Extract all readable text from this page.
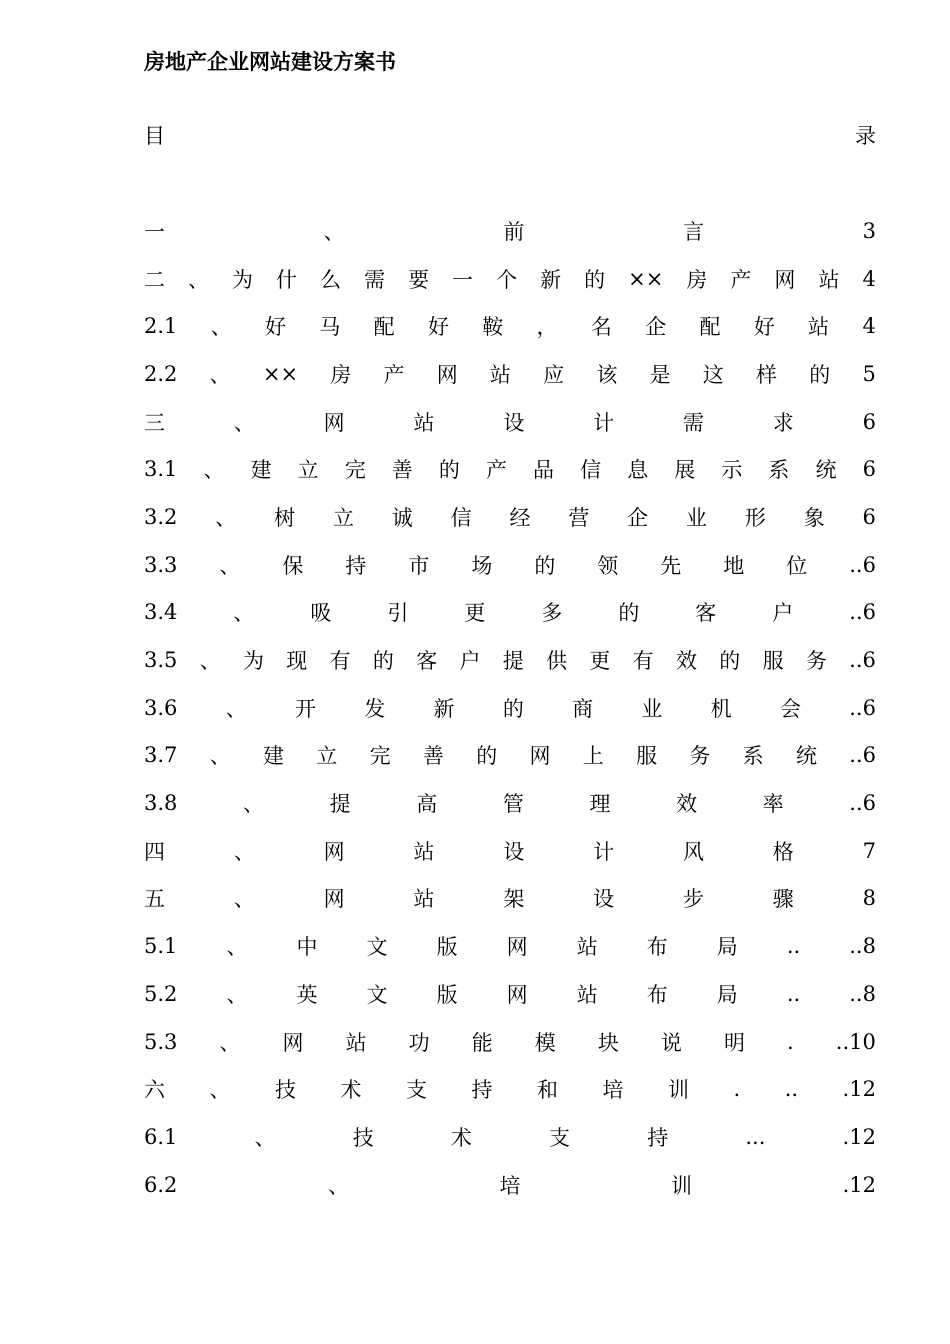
房地产企业网站建设方案书
目	录
一	、	前	言	3
二 、 为 什 么 需 要 一 个 新 的 ×× 房 产 网 站 4
2.1 、 好 马 配 好 鞍 ， 名 企 配 好 站 4
2.2 、 ×× 房 产 网 站 应 该 是 这 样 的 5
三	、	网	站	设	计	需	求	6
3.1 、 建 立 完 善 的 产 品 信 息 展 示 系 统 6
3.2 、 树 立 诚 信 经 营 企 业 形 象 6
3.3 、 保 持 市 场 的 领 先 地 位 ..6
3.4	、	吸	引	更	多	的	客	户	..6
3.5 、 为 现 有 的 客 户 提 供 更 有 效 的 服 务 ..6
3.6 、 开 发 新 的 商 业 机 会 ..6
3.7 、 建 立 完 善 的 网 上 服 务 系 统 ..6
3.8	、	提	高	管	理	效	率	..6
四	、	网	站	设	计	风	格	7
五	、	网	站	架	设	步	骤	8
5.1 、 中 文 版 网 站 布 局 .. ..8
5.2 、 英 文 版 网 站 布 局 .. ..8
5.3 、 网 站 功 能 模 块 说 明 . ..10
六 、 技 术 支 持 和 培 训 . .. .12
6.1	、	技	术	支	持	...	.12
6.2	、	培	训	.12
